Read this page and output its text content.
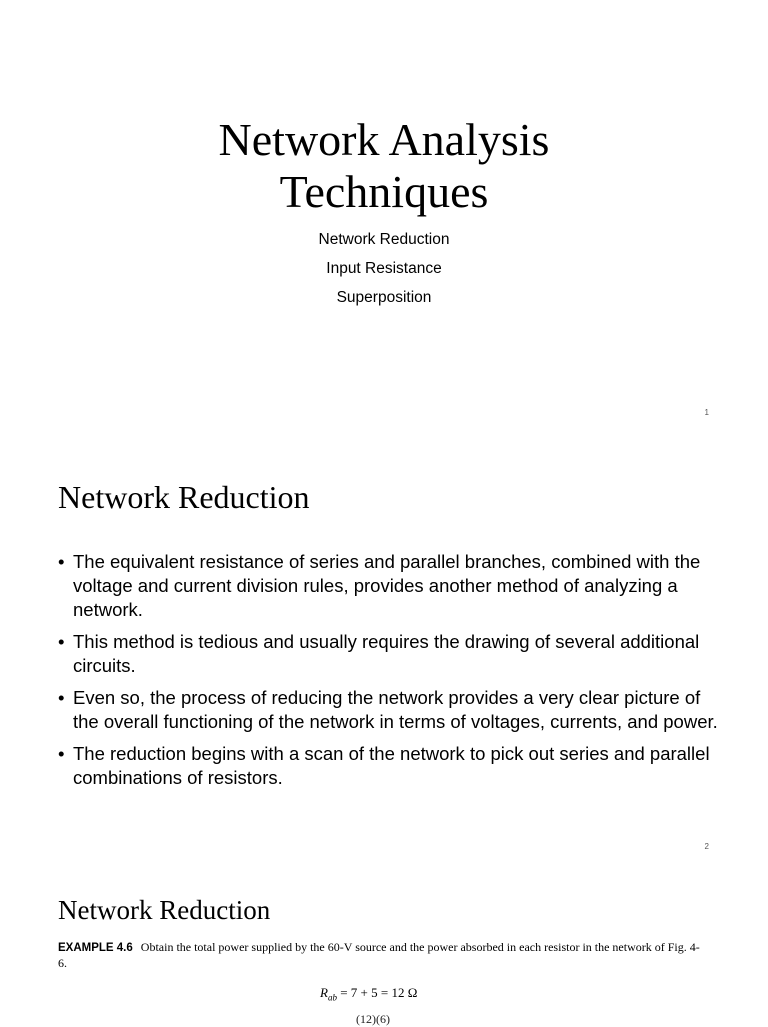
Network Analysis
Techniques
Network Reduction
Input Resistance
Superposition
1
Network Reduction
• The equivalent resistance of series and parallel branches, combined with the voltage and current division rules, provides another method of analyzing a network.
• This method is tedious and usually requires the drawing of several additional circuits.
• Even so, the process of reducing the network provides a very clear picture of the overall functioning of the network in terms of voltages, currents, and power.
• The reduction begins with a scan of the network to pick out series and parallel combinations of resistors.
2
Network Reduction
EXAMPLE 4.6 Obtain the total power supplied by the 60-V source and the power absorbed in each resistor in the network of Fig. 4-6.
$R_{ab} = 7 + 5 = 12$ Ω
(12)(6)
